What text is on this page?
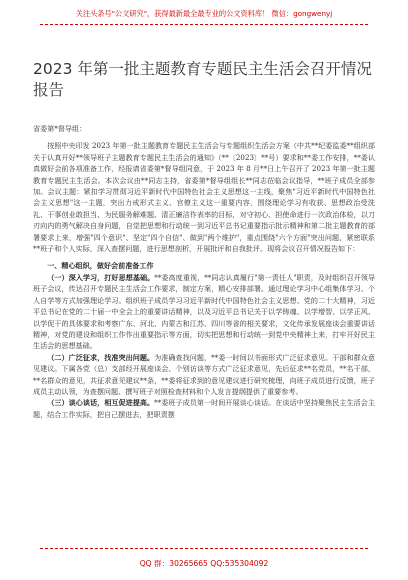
关注头条号"公文研究"，获得最新最全最专业的公文资料库！ 微信：gongwenyj
2023 年第一批主题教育专题民主生活会召开情况报告

省委第*督导组：

按照中央印发 2023 年第一批主题教育专题民主生活会与专题组织生活会方案（中共**纪委监委**组织部关于认真开好**领导班子主题教育专题民主生活会的通知》（**〔2023〕**号）要求和**委工作安排，**委认真做好会前各项准备工作，经报请省委第*督导组同意，于 2023 年 8 月**日上午召开了 2023 年第一批主题教育专题民主生活会。本次会议由**同志主持，省委第*督导组组长**同志莅临会议指导，**班子成员全部参加。会议主题：紧扣学习贯彻习近平新时代中国特色社会主义思想这一主线，聚焦"习近平新时代中国特色社会主义思想"这一主题，突出力戒形式主义、官僚主义这一重要内容，围绕理论学习有收获、思想政治受洗礼、干事创业敢担当、为民服务解难题、清正廉洁作表率的目标，对守初心、担使命进行一次政治体检，以刀刃向内的勇气解决自身问题，自觉把思想和行动统一到习近平总书记重要指示批示精神和第二批主题教育的部署要求上来，增强"四个意识"、坚定"四个自信"、做到"两个维护"，重点围绕"六个方面"突出问题，紧密联系**班子和个人实际，深入查摆问题，进行思想剖析，开展批评和自我批评。现将会议召开情况报告如下：

一、精心组织，做好会前准备工作

（一）深入学习，打好思想基础。**委高度重视，**同志认真履行"第一责任人"职责，及时组织召开领导班子会议，传达召开专题民主生活会工作要求，制定方案，精心安排部署。通过理论学习中心组集体学习、个人自学等方式加强理论学习。组织班子成员学习习近平新时代中国特色社会主义思想、党的二十大精神，习近平总书记在党的二十届一中全会上的重要讲话精神，以及习近平总书记关于以学铸魂、以学增智、以学正风、以学促干的具体要求和考察广东、河北、内蒙古和江苏、四川等省的相关要求，文化传承发展座谈会重要讲话精神，对党的建设和组织工作作出重要指示等方面，切实把思想和行动统一到党中央精神上来，打牢开好民主生活会的思想基础。

（二）广泛征求，找准突出问题。为准确查找问题，**委一时间以书面形式广泛征求意见。干部和群众意见建议。下属各党（总）支部经开展座谈会、个别访谈等方式广泛征求意见，先后征求**名党员，**名干部，**名群众的意见，共征求意见建议**条，**委将征求到的意见建议进行研究梳理，向班子成员进行反馈，班子成员主动认领，为查摆问题、撰写班子对照检查材料和个人发言提纲提供了重要参考。

（三）谈心谈话，相互促进提高。**委班子成员第一时间开展谈心谈话。在谈话中坚持聚焦民主生活会主题，结合工作实际，把自己摆进去，把职责摆

QQ 群：30265665 QQ:535304092
